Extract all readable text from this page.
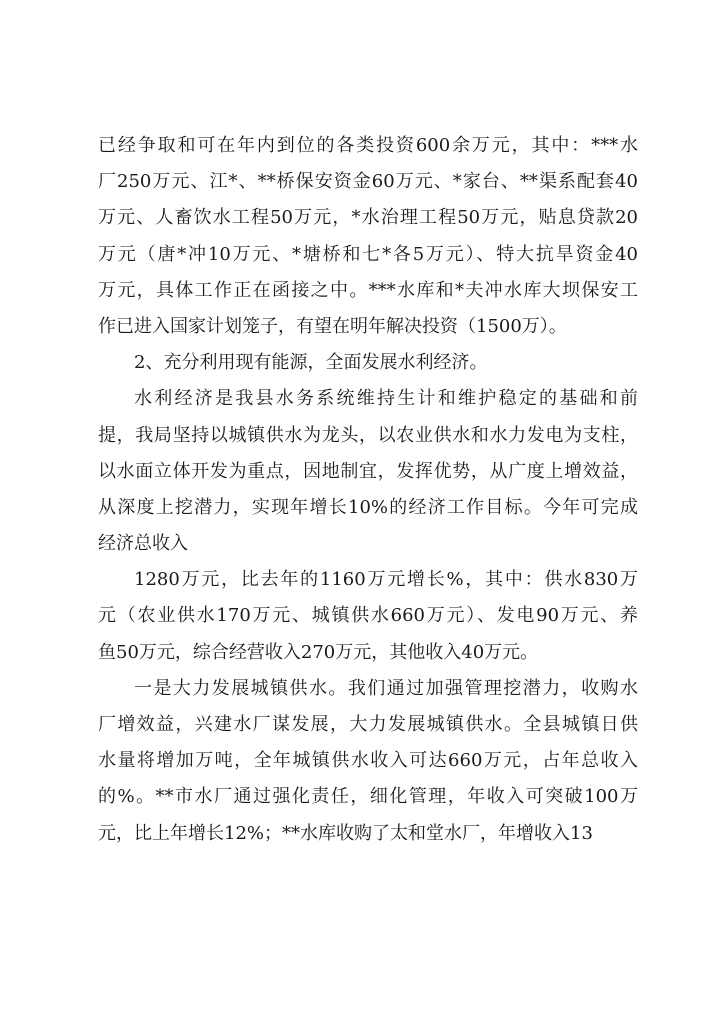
已经争取和可在年内到位的各类投资600余万元，其中：***水
厂250万元、江*、**桥保安资金60万元、*家台、**渠系配套40
万元、人畜饮水工程50万元，*水治理工程50万元，贴息贷款20
万元（唐*冲10万元、*塘桥和七*各5万元）、特大抗旱资金40
万元，具体工作正在函接之中。***水库和*夫冲水库大坝保安工
作已进入国家计划笼子，有望在明年解决投资（1500万）。
2、充分利用现有能源，全面发展水利经济。
水利经济是我县水务系统维持生计和维护稳定的基础和前
提，我局坚持以城镇供水为龙头，以农业供水和水力发电为支柱，
以水面立体开发为重点，因地制宜，发挥优势，从广度上增效益，
从深度上挖潜力，实现年增长10%的经济工作目标。今年可完成
经济总收入
1280万元，比去年的1160万元增长%，其中：供水830万
元（农业供水170万元、城镇供水660万元）、发电90万元、养
鱼50万元，综合经营收入270万元，其他收入40万元。
一是大力发展城镇供水。我们通过加强管理挖潜力，收购水
厂增效益，兴建水厂谋发展，大力发展城镇供水。全县城镇日供
水量将增加万吨，全年城镇供水收入可达660万元，占年总收入
的%。**市水厂通过强化责任，细化管理，年收入可突破100万
元，比上年增长12%；**水库收购了太和堂水厂，年增收入13
